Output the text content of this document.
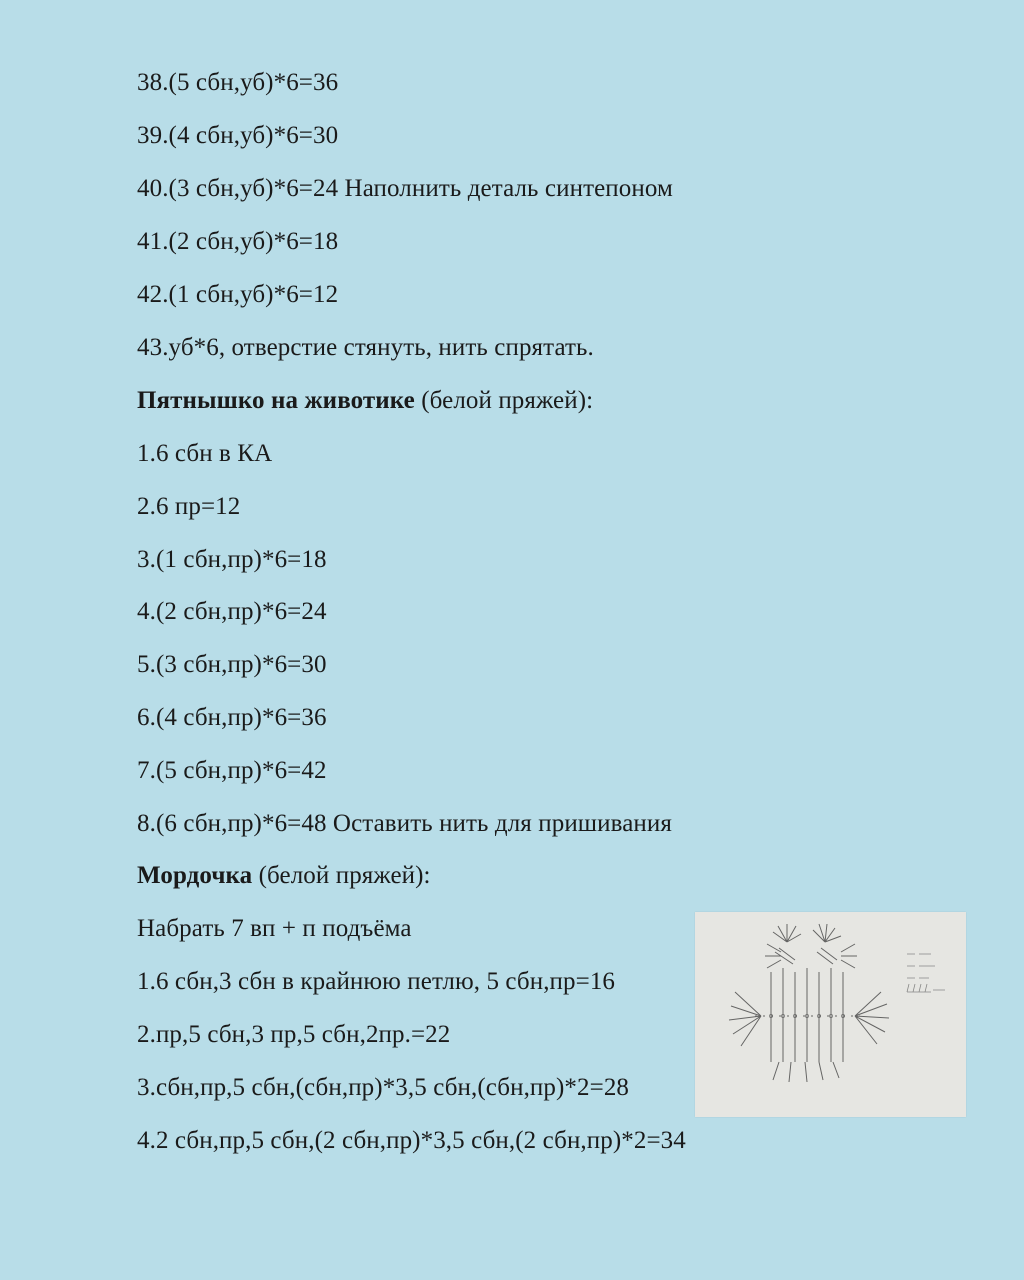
38.(5 сбн,уб)*6=36
39.(4 сбн,уб)*6=30
40.(3 сбн,уб)*6=24 Наполнить деталь синтепоном
41.(2 сбн,уб)*6=18
42.(1 сбн,уб)*6=12
43.уб*6, отверстие стянуть, нить спрятать.
Пятнышко на животике (белой пряжей):
1.6 сбн в КА
2.6 пр=12
3.(1 сбн,пр)*6=18
4.(2 сбн,пр)*6=24
5.(3 сбн,пр)*6=30
6.(4 сбн,пр)*6=36
7.(5 сбн,пр)*6=42
8.(6 сбн,пр)*6=48 Оставить нить для пришивания
Мордочка (белой пряжей):
Набрать 7 вп + п подъёма
1.6 сбн,3 сбн в крайнюю петлю, 5 сбн,пр=16
2.пр,5 сбн,3 пр,5 сбн,2пр.=22
3.сбн,пр,5 сбн,(сбн,пр)*3,5 сбн,(сбн,пр)*2=28
4.2 сбн,пр,5 сбн,(2 сбн,пр)*3,5 сбн,(2 сбн,пр)*2=34
